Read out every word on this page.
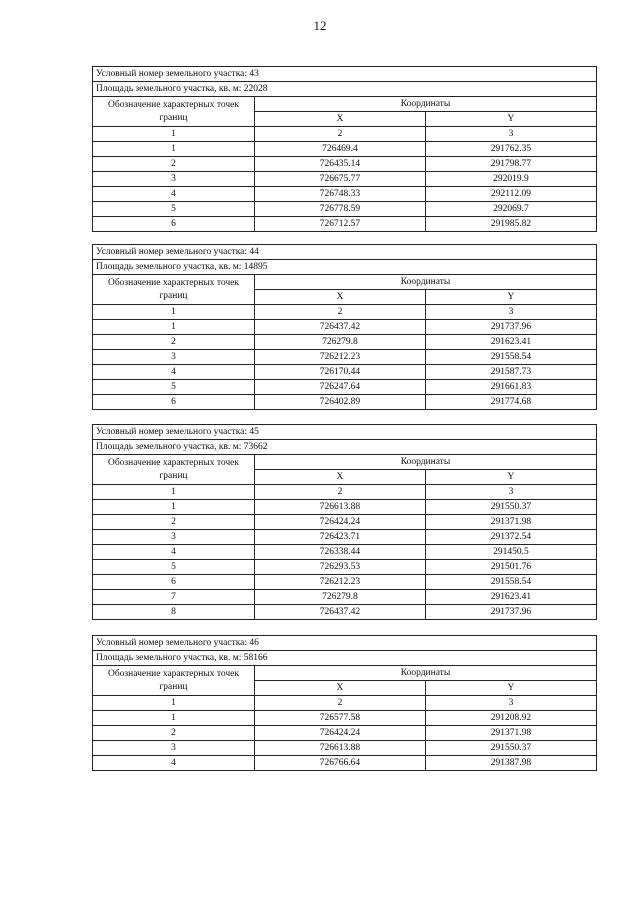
12
Условный номер земельного участка: 43		
Площадь земельного участка, кв. м: 22028		
Обозначение характерных точек границ	Координаты	
	X	Y
1	2	3
1	726469.4	291762.35
2	726435.14	291798.77
3	726675.77	292019.9
4	726748.33	292112.09
5	726778.59	292069.7
6	726712.57	291985.82
Условный номер земельного участка: 44		
Площадь земельного участка, кв. м: 14895		
Обозначение характерных точек границ	Координаты	
	X	Y
1	2	3
1	726437.42	291737.96
2	726279.8	291623.41
3	726212.23	291558.54
4	726170.44	291587.73
5	726247.64	291661.83
6	726402.89	291774.68
Условный номер земельного участка: 45		
Площадь земельного участка, кв. м: 73662		
Обозначение характерных точек границ	Координаты	
	X	Y
1	2	3
1	726613.88	291550.37
2	726424.24	291371.98
3	726423.71	291372.54
4	726338.44	291450.5
5	726293.53	291501.76
6	726212.23	291558.54
7	726279.8	291623.41
8	726437.42	291737.96
Условный номер земельного участка: 46		
Площадь земельного участка, кв. м: 58166		
Обозначение характерных точек границ	Координаты	
	X	Y
1	2	3
1	726577.58	291208.92
2	726424.24	291371.98
3	726613.88	291550.37
4	726766.64	291387.98
